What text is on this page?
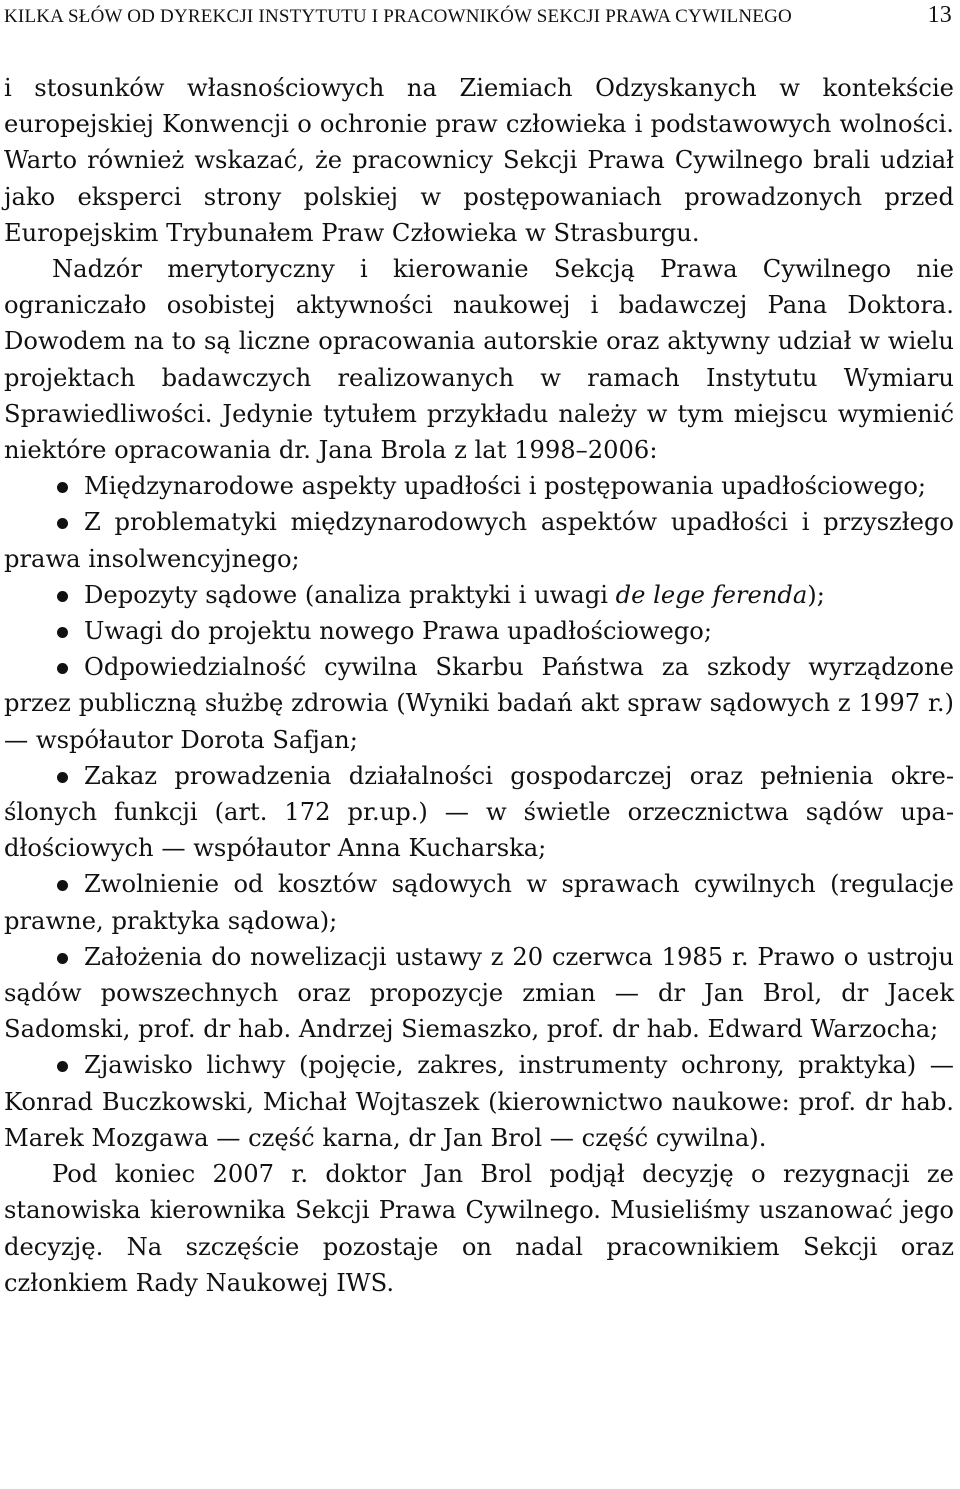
KILKA SŁÓW OD DYREKCJI INSTYTUTU I PRACOWNIKÓW SEKCJI PRAWA CYWILNEGO	13

i stosunków własnościowych na Ziemiach Odzyskanych w kontekście europejskiej Konwencji o ochronie praw człowieka i podstawowych wolności. Warto również wskazać, że pracownicy Sekcji Prawa Cywilnego brali udział jako eksperci strony polskiej w postępowaniach prowadzonych przed Europejskim Trybunałem Praw Człowieka w Strasburgu.

Nadzór merytoryczny i kierowanie Sekcją Prawa Cywilnego nie ograniczało osobistej aktywności naukowej i badawczej Pana Doktora. Dowodem na to są liczne opracowania autorskie oraz aktywny udział w wielu projektach badawczych realizowanych w ramach Instytutu Wymiaru Sprawiedliwości. Jedynie tytułem przykładu należy w tym miejscu wymienić niektóre opracowania dr. Jana Brola z lat 1998–2006:

Międzynarodowe aspekty upadłości i postępowania upadłościowego;
Z problematyki międzynarodowych aspektów upadłości i przyszłego prawa insolwencyjnego;
Depozyty sądowe (analiza praktyki i uwagi de lege ferenda);
Uwagi do projektu nowego Prawa upadłościowego;
Odpowiedzialność cywilna Skarbu Państwa za szkody wyrządzone przez publiczną służbę zdrowia (Wyniki badań akt spraw sądowych z 1997 r.) — współautor Dorota Safjan;
Zakaz prowadzenia działalności gospodarczej oraz pełnienia określonych funkcji (art. 172 pr.up.) — w świetle orzecznictwa sądów upadłościowych — współautor Anna Kucharska;
Zwolnienie od kosztów sądowych w sprawach cywilnych (regulacje prawne, praktyka sądowa);
Założenia do nowelizacji ustawy z 20 czerwca 1985 r. Prawo o ustroju sądów powszechnych oraz propozycje zmian — dr Jan Brol, dr Jacek Sadomski, prof. dr hab. Andrzej Siemaszko, prof. dr hab. Edward Warzocha;
Zjawisko lichwy (pojęcie, zakres, instrumenty ochrony, praktyka) — Konrad Buczkowski, Michał Wojtaszek (kierownictwo naukowe: prof. dr hab. Marek Mozgawa — część karna, dr Jan Brol — część cywilna).

Pod koniec 2007 r. doktor Jan Brol podjął decyzję o rezygnacji ze stanowiska kierownika Sekcji Prawa Cywilnego. Musieliśmy uszanować jego decyzję. Na szczęście pozostaje on nadal pracownikiem Sekcji oraz członkiem Rady Naukowej IWS.
